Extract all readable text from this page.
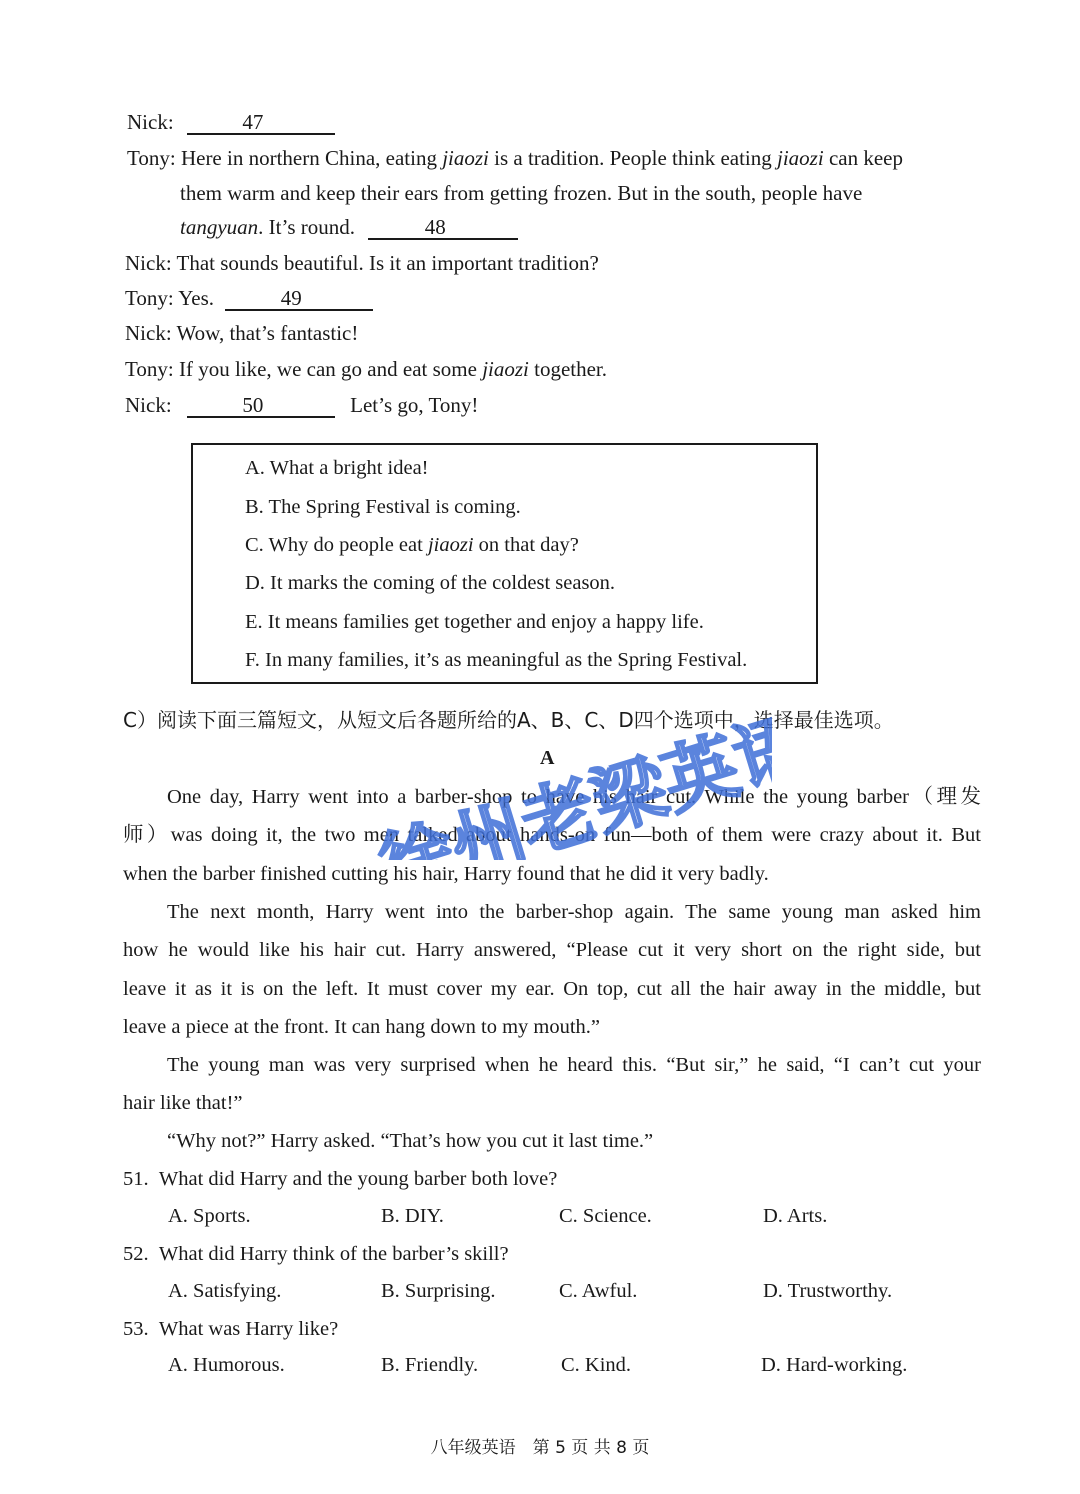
Nick:	47
Tony: Here in northern China, eating jiaozi is a tradition. People think eating jiaozi can keep
them warm and keep their ears from getting frozen. But in the south, people have
tangyuan. It’s round.	48
Nick: That sounds beautiful. Is it an important tradition?
Tony: Yes.	49
Nick: Wow, that’s fantastic!
Tony: If you like, we can go and eat some jiaozi together.
Nick:	50	Let’s go, Tony!
A. What a bright idea!
B. The Spring Festival is coming.
C. Why do people eat jiaozi on that day?
D. It marks the coming of the coldest season.
E. It means families get together and enjoy a happy life.
F. In many families, it’s as meaningful as the Spring Festival.
C）阅读下面三篇短文，从短文后各题所给的A、B、C、D四个选项中，选择最佳选项。
A
One day, Harry went into a barber-shop to have his hair cut. While the young barber（理发
师）was doing it, the two men talked about hands-on fun—both of them were crazy about it. But
when the barber finished cutting his hair, Harry found that he did it very badly.
The next month, Harry went into the barber-shop again. The same young man asked him
how he would like his hair cut. Harry answered, “Please cut it very short on the right side, but
leave it as it is on the left. It must cover my ear. On top, cut all the hair away in the middle, but
leave a piece at the front. It can hang down to my mouth.”
The young man was very surprised when he heard this. “But sir,” he said, “I can’t cut your
hair like that!”
“Why not?” Harry asked. “That’s how you cut it last time.”
51. What did Harry and the young barber both love?
A. Sports.	B. DIY.	C. Science.	D. Arts.
52. What did Harry think of the barber’s skill?
A. Satisfying.	B. Surprising.	C. Awful.	D. Trustworthy.
53. What was Harry like?
A. Humorous.	B. Friendly.	C. Kind.	D. Hard-working.
八年级英语　第 5 页 共 8 页
徐州老梁英语
